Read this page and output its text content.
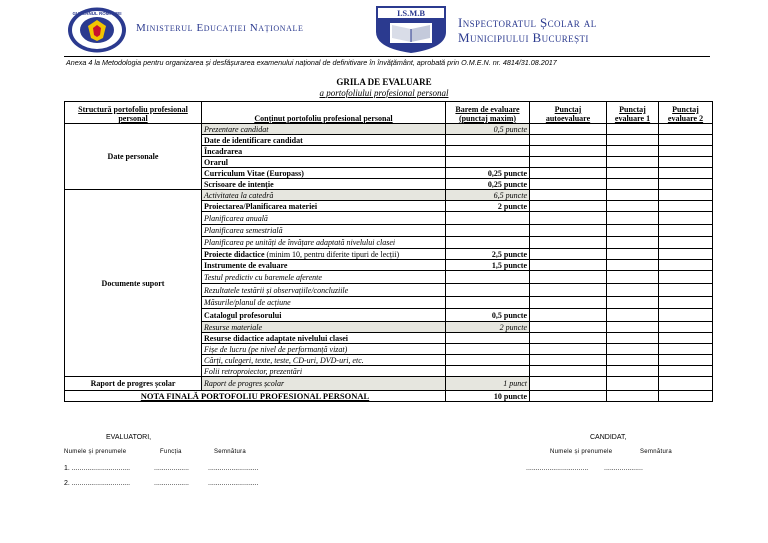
GUVERNUL ROMÂNIEI
Ministerul Educației Naționale
I.S.M.B
Inspectoratul Școlar al
Municipiului București
Anexa 4 la Metodologia pentru organizarea și desfășurarea examenului național de definitivare în învățământ, aprobată prin O.M.E.N. nr. 4814/31.08.2017
GRILA DE EVALUARE
a portofoliului profesional personal
Structură portofoliu profesional personal	Conținut portofoliu profesional personal	Barem de evaluare (punctaj maxim)	Punctaj autoevaluare	Punctaj evaluare 1	Punctaj evaluare 2
Date personale	Prezentare candidat	0,5 puncte			
	Date de identificare candidat				
	Încadrarea				
	Orarul				
	Curriculum Vitae (Europass)	0,25 puncte			
	Scrisoare de intenție	0,25 puncte			
Documente suport	Activitatea la catedră	6,5 puncte			
	Proiectarea/Planificarea materiei	2 puncte			
	Planificarea anuală				
	Planificarea semestrială				
	Planificarea pe unități de învățare adaptată nivelului clasei				
	Proiecte didactice (minim 10, pentru diferite tipuri de lecții)	2,5 puncte			
	Instrumente de evaluare	1,5 puncte			
	Testul predictiv cu baremele aferente				
	Rezultatele testării și observațiile/concluziile				
	Măsurile/planul de acțiune				
	Catalogul profesorului	0,5 puncte			
	Resurse materiale	2 puncte			
	Resurse didactice adaptate nivelului clasei				
	Fișe de lucru (pe nivel de performanță vizat)				
	Cărți, culegeri, texte, teste, CD-uri, DVD-uri, etc.				
	Folii retroproiector, prezentări				
Raport de progres școlar	Raport de progres școlar	1 punct			
NOTA FINALĂ PORTOFOLIU PROFESIONAL PERSONAL		10 puncte			
EVALUATORI,	CANDIDAT,
Numele și prenumele	Funcția	Semnătura	Numele și prenumele	Semnătura
1. ..............................	..................	..........................	................................ ....................
2. ..............................	..................	..........................
